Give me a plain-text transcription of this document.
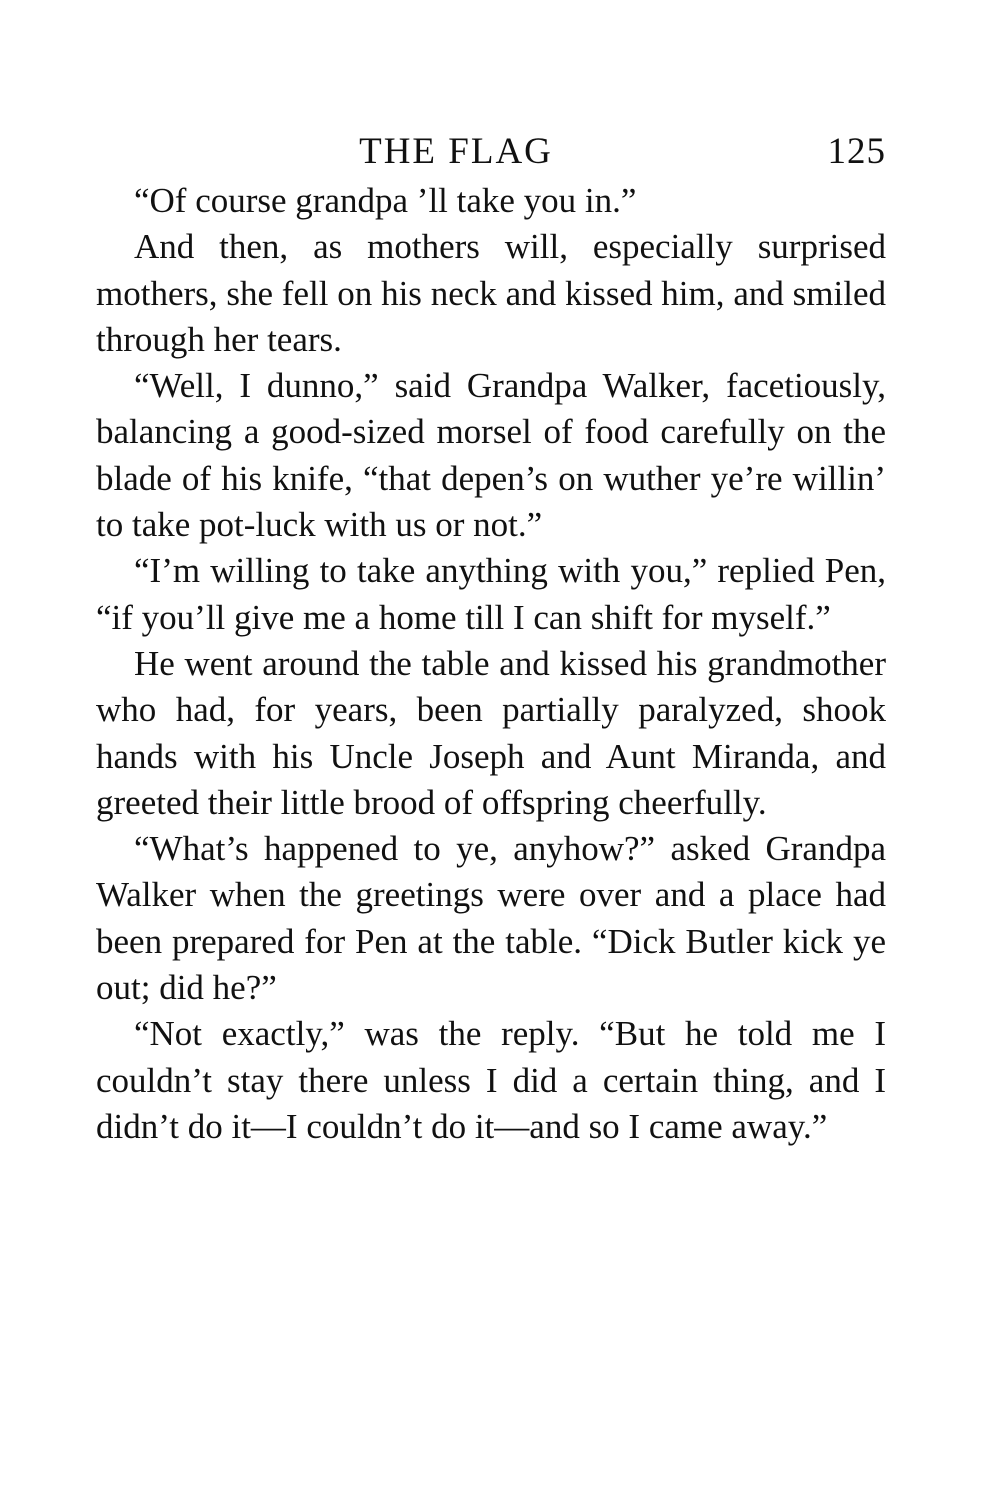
THE FLAG	125

“Of course grandpa ’ll take you in.”

And then, as mothers will, especially surprised mothers, she fell on his neck and kissed him, and smiled through her tears.

“Well, I dunno,” said Grandpa Walker, facetiously, balancing a good-sized morsel of food carefully on the blade of his knife, “that depen’s on wuther ye’re willin’ to take pot-luck with us or not.”

“I’m willing to take anything with you,” replied Pen, “if you’ll give me a home till I can shift for myself.”

He went around the table and kissed his grandmother who had, for years, been partially paralyzed, shook hands with his Uncle Joseph and Aunt Miranda, and greeted their little brood of offspring cheerfully.

“What’s happened to ye, anyhow?” asked Grandpa Walker when the greetings were over and a place had been prepared for Pen at the table. “Dick Butler kick ye out; did he?”

“Not exactly,” was the reply. “But he told me I couldn’t stay there unless I did a certain thing, and I didn’t do it—I couldn’t do it—and so I came away.”
